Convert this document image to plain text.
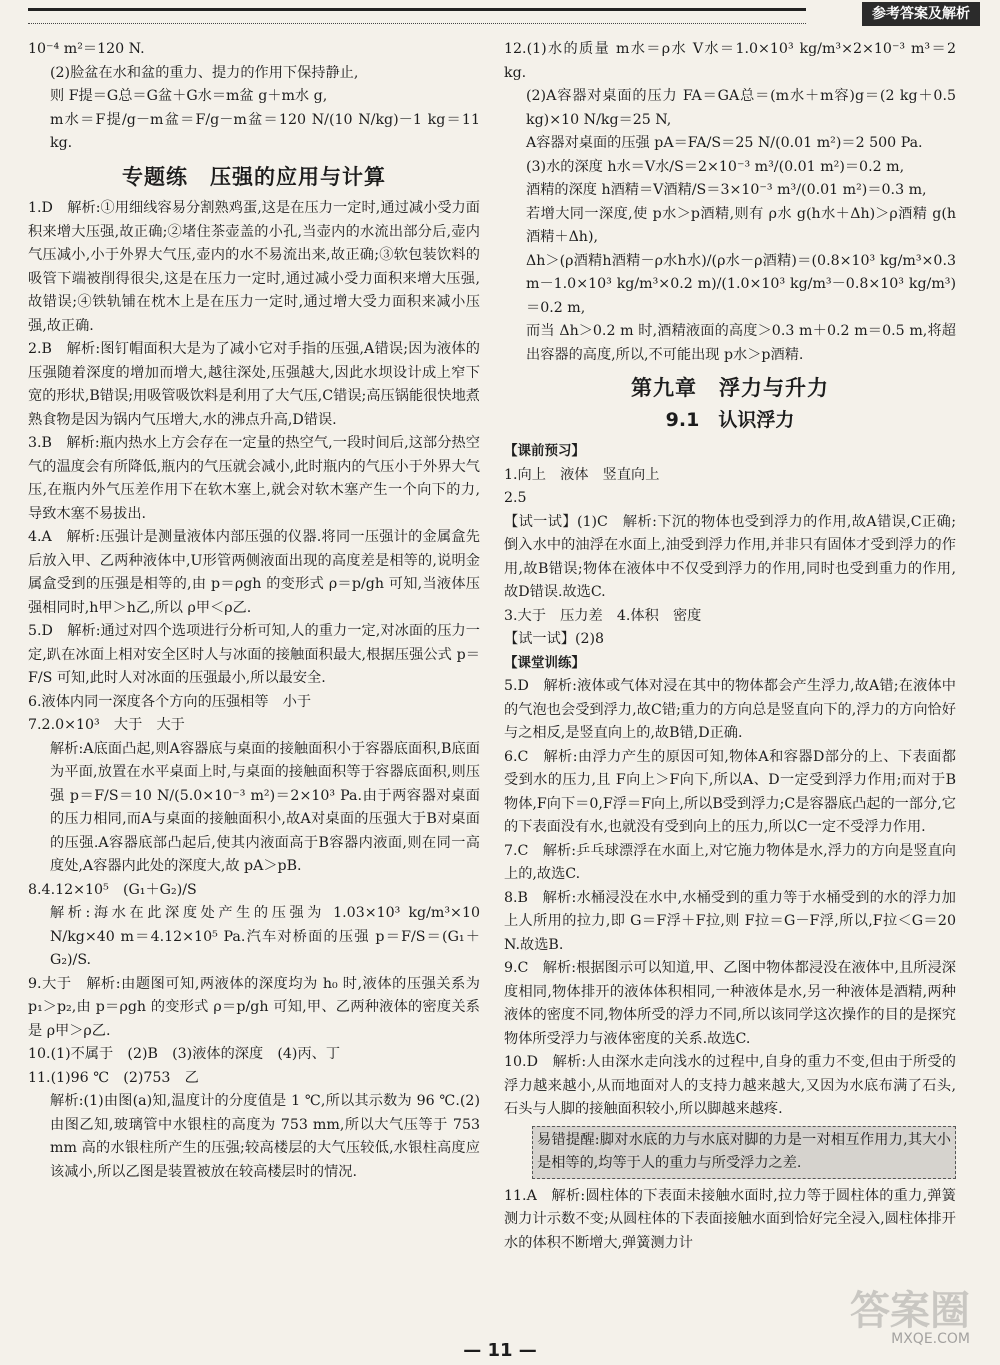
参考答案及解析
10⁻⁴ m²＝120 N.
(2)脸盆在水和盆的重力、提力的作用下保持静止,
则 F提＝G总＝G盆＋G水＝m盆 g＋m水 g,
m水＝F提/g－m盆＝F/g－m盆＝120 N/(10 N/kg)－1 kg＝11 kg.
专题练　压强的应用与计算
1.D　解析:①用细线容易分割熟鸡蛋,这是在压力一定时,通过减小受力面积来增大压强,故正确;②堵住茶壶盖的小孔,当壶内的水流出部分后,壶内气压减小,小于外界大气压,壶内的水不易流出来,故正确;③软包装饮料的吸管下端被削得很尖,这是在压力一定时,通过减小受力面积来增大压强,故错误;④铁轨铺在枕木上是在压力一定时,通过增大受力面积来减小压强,故正确.
2.B　解析:图钉帽面积大是为了减小它对手指的压强,A错误;因为液体的压强随着深度的增加而增大,越往深处,压强越大,因此水坝设计成上窄下宽的形状,B错误;用吸管吸饮料是利用了大气压,C错误;高压锅能很快地煮熟食物是因为锅内气压增大,水的沸点升高,D错误.
3.B　解析:瓶内热水上方会存在一定量的热空气,一段时间后,这部分热空气的温度会有所降低,瓶内的气压就会减小,此时瓶内的气压小于外界大气压,在瓶内外气压差作用下在软木塞上,就会对软木塞产生一个向下的力,导致木塞不易拔出.
4.A　解析:压强计是测量液体内部压强的仪器.将同一压强计的金属盒先后放入甲、乙两种液体中,U形管两侧液面出现的高度差是相等的,说明金属盒受到的压强是相等的,由 p＝ρgh 的变形式 ρ＝p/gh 可知,当液体压强相同时,h甲＞h乙,所以 ρ甲＜ρ乙.
5.D　解析:通过对四个选项进行分析可知,人的重力一定,对冰面的压力一定,趴在冰面上相对安全区时人与冰面的接触面积最大,根据压强公式 p＝F/S 可知,此时人对冰面的压强最小,所以最安全.
6.液体内同一深度各个方向的压强相等　小于
7.2.0×10³　大于　大于
解析:A底面凸起,则A容器底与桌面的接触面积小于容器底面积,B底面为平面,放置在水平桌面上时,与桌面的接触面积等于容器底面积,则压强 p＝F/S＝10 N/(5.0×10⁻³ m²)＝2×10³ Pa.由于两容器对桌面的压力相同,而A与桌面的接触面积小,故A对桌面的压强大于B对桌面的压强.A容器底部凸起后,使其内液面高于B容器内液面,则在同一高度处,A容器内此处的深度大,故 pA＞pB.
8.4.12×10⁵　(G₁＋G₂)/S
解析:海水在此深度处产生的压强为 1.03×10³ kg/m³×10 N/kg×40 m＝4.12×10⁵ Pa.汽车对桥面的压强 p＝F/S＝(G₁＋G₂)/S.
9.大于　解析:由题图可知,两液体的深度均为 h₀ 时,液体的压强关系为 p₁＞p₂,由 p＝ρgh 的变形式 ρ＝p/gh 可知,甲、乙两种液体的密度关系是 ρ甲＞ρ乙.
10.(1)不属于　(2)B　(3)液体的深度　(4)丙、丁
11.(1)96 ℃　(2)753　乙
解析:(1)由图(a)知,温度计的分度值是 1 ℃,所以其示数为 96 ℃.(2)由图乙知,玻璃管中水银柱的高度为 753 mm,所以大气压等于 753 mm 高的水银柱所产生的压强;较高楼层的大气压较低,水银柱高度应该减小,所以乙图是装置被放在较高楼层时的情况.
12.(1)水的质量 m水＝ρ水 V水＝1.0×10³ kg/m³×2×10⁻³ m³＝2 kg.
(2)A容器对桌面的压力 FA＝GA总＝(m水＋m容)g＝(2 kg＋0.5 kg)×10 N/kg＝25 N,
A容器对桌面的压强 pA＝FA/S＝25 N/(0.01 m²)＝2 500 Pa.
(3)水的深度 h水＝V水/S＝2×10⁻³ m³/(0.01 m²)＝0.2 m,
酒精的深度 h酒精＝V酒精/S＝3×10⁻³ m³/(0.01 m²)＝0.3 m,
若增大同一深度,使 p水＞p酒精,则有 ρ水 g(h水＋Δh)＞ρ酒精 g(h酒精＋Δh),
Δh＞(ρ酒精h酒精－ρ水h水)/(ρ水－ρ酒精)＝(0.8×10³ kg/m³×0.3 m－1.0×10³ kg/m³×0.2 m)/(1.0×10³ kg/m³－0.8×10³ kg/m³)＝0.2 m,
而当 Δh＞0.2 m 时,酒精液面的高度＞0.3 m＋0.2 m＝0.5 m,将超出容器的高度,所以,不可能出现 p水＞p酒精.
第九章　浮力与升力
9.1　认识浮力
【课前预习】
1.向上　液体　竖直向上
2.5
【试一试】(1)C　解析:下沉的物体也受到浮力的作用,故A错误,C正确;倒入水中的油浮在水面上,油受到浮力作用,并非只有固体才受到浮力的作用,故B错误;物体在液体中不仅受到浮力的作用,同时也受到重力的作用,故D错误.故选C.
3.大于　压力差　4.体积　密度
【试一试】(2)8
【课堂训练】
5.D　解析:液体或气体对浸在其中的物体都会产生浮力,故A错;在液体中的气泡也会受到浮力,故C错;重力的方向总是竖直向下的,浮力的方向恰好与之相反,是竖直向上的,故B错,D正确.
6.C　解析:由浮力产生的原因可知,物体A和容器D部分的上、下表面都受到水的压力,且 F向上＞F向下,所以A、D一定受到浮力作用;而对于B物体,F向下＝0,F浮＝F向上,所以B受到浮力;C是容器底凸起的一部分,它的下表面没有水,也就没有受到向上的压力,所以C一定不受浮力作用.
7.C　解析:乒乓球漂浮在水面上,对它施力物体是水,浮力的方向是竖直向上的,故选C.
8.B　解析:水桶浸没在水中,水桶受到的重力等于水桶受到的水的浮力加上人所用的拉力,即 G＝F浮＋F拉,则 F拉＝G－F浮,所以,F拉＜G＝20 N.故选B.
9.C　解析:根据图示可以知道,甲、乙图中物体都浸没在液体中,且所浸深度相同,物体排开的液体体积相同,一种液体是水,另一种液体是酒精,两种液体的密度不同,物体所受的浮力不同,所以该同学这次操作的目的是探究物体所受浮力与液体密度的关系.故选C.
10.D　解析:人由深水走向浅水的过程中,自身的重力不变,但由于所受的浮力越来越小,从而地面对人的支持力越来越大,又因为水底布满了石头,石头与人脚的接触面积较小,所以脚越来越疼.
易错提醒:脚对水底的力与水底对脚的力是一对相互作用力,其大小是相等的,均等于人的重力与所受浮力之差.
11.A　解析:圆柱体的下表面未接触水面时,拉力等于圆柱体的重力,弹簧测力计示数不变;从圆柱体的下表面接触水面到恰好完全浸入,圆柱体排开水的体积不断增大,弹簧测力计
— 11 —
答案圈
MXQE.COM
